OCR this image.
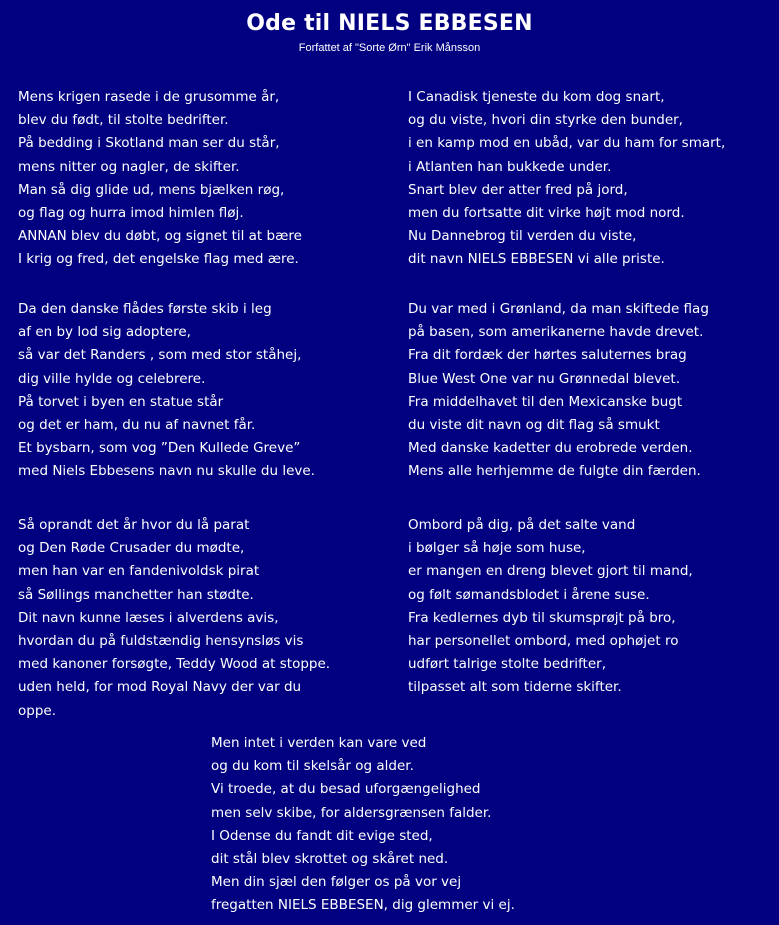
Ode til NIELS EBBESEN
Forfattet af "Sorte Ørn" Erik Månsson
Mens krigen rasede i de grusomme år,
blev du født, til stolte bedrifter.
På bedding i Skotland man ser du står,
mens nitter og nagler, de skifter.
Man så dig glide ud, mens bjælken røg,
og flag og hurra imod himlen fløj.
ANNAN blev du døbt, og signet til at bære
I krig og fred, det engelske flag med ære.
I Canadisk tjeneste du kom dog snart,
og du viste, hvori din styrke den bunder,
i en kamp mod en ubåd, var du ham for smart,
i Atlanten han bukkede under.
Snart blev der atter fred på jord,
men du fortsatte dit virke højt mod nord.
Nu Dannebrog til verden du viste,
dit navn NIELS EBBESEN vi alle priste.
Da den danske flådes første skib i leg
af en by lod sig adoptere,
så var det Randers , som med stor ståhej,
dig ville hylde og celebrere.
På torvet i byen en statue står
og det er ham, du nu af navnet får.
Et bysbarn, som vog ”Den Kullede Greve”
med Niels Ebbesens navn nu skulle du leve.
Du var med i Grønland, da man skiftede flag
på basen, som amerikanerne havde drevet.
Fra dit fordæk der hørtes saluternes brag
Blue West One var nu Grønnedal blevet.
Fra middelhavet til den Mexicanske bugt
du viste dit navn og dit flag så smukt
Med danske kadetter du erobrede verden.
Mens alle herhjemme de fulgte din færden.
Så oprandt det år hvor du lå parat
og Den Røde Crusader du mødte,
men han var en fandenivoldsk pirat
så Søllings manchetter han stødte.
Dit navn kunne læses i alverdens avis,
hvordan du på fuldstændig hensynsløs vis
med kanoner forsøgte, Teddy Wood at stoppe.
uden held, for mod Royal Navy der var du
oppe.
Ombord på dig, på det salte vand
i bølger så høje som huse,
er mangen en dreng blevet gjort til mand,
og følt sømandsblodet i årene suse.
Fra kedlernes dyb til skumsprøjt på bro,
har personellet ombord, med ophøjet ro
udført talrige stolte bedrifter,
tilpasset alt som tiderne skifter.
Men intet i verden kan vare ved
og du kom til skelsår og alder.
Vi troede, at du besad uforgængelighed
men selv skibe, for aldersgrænsen falder.
I Odense du fandt dit evige sted,
dit stål blev skrottet og skåret ned.
Men din sjæl den følger os på vor vej
fregatten NIELS EBBESEN, dig glemmer vi ej.
